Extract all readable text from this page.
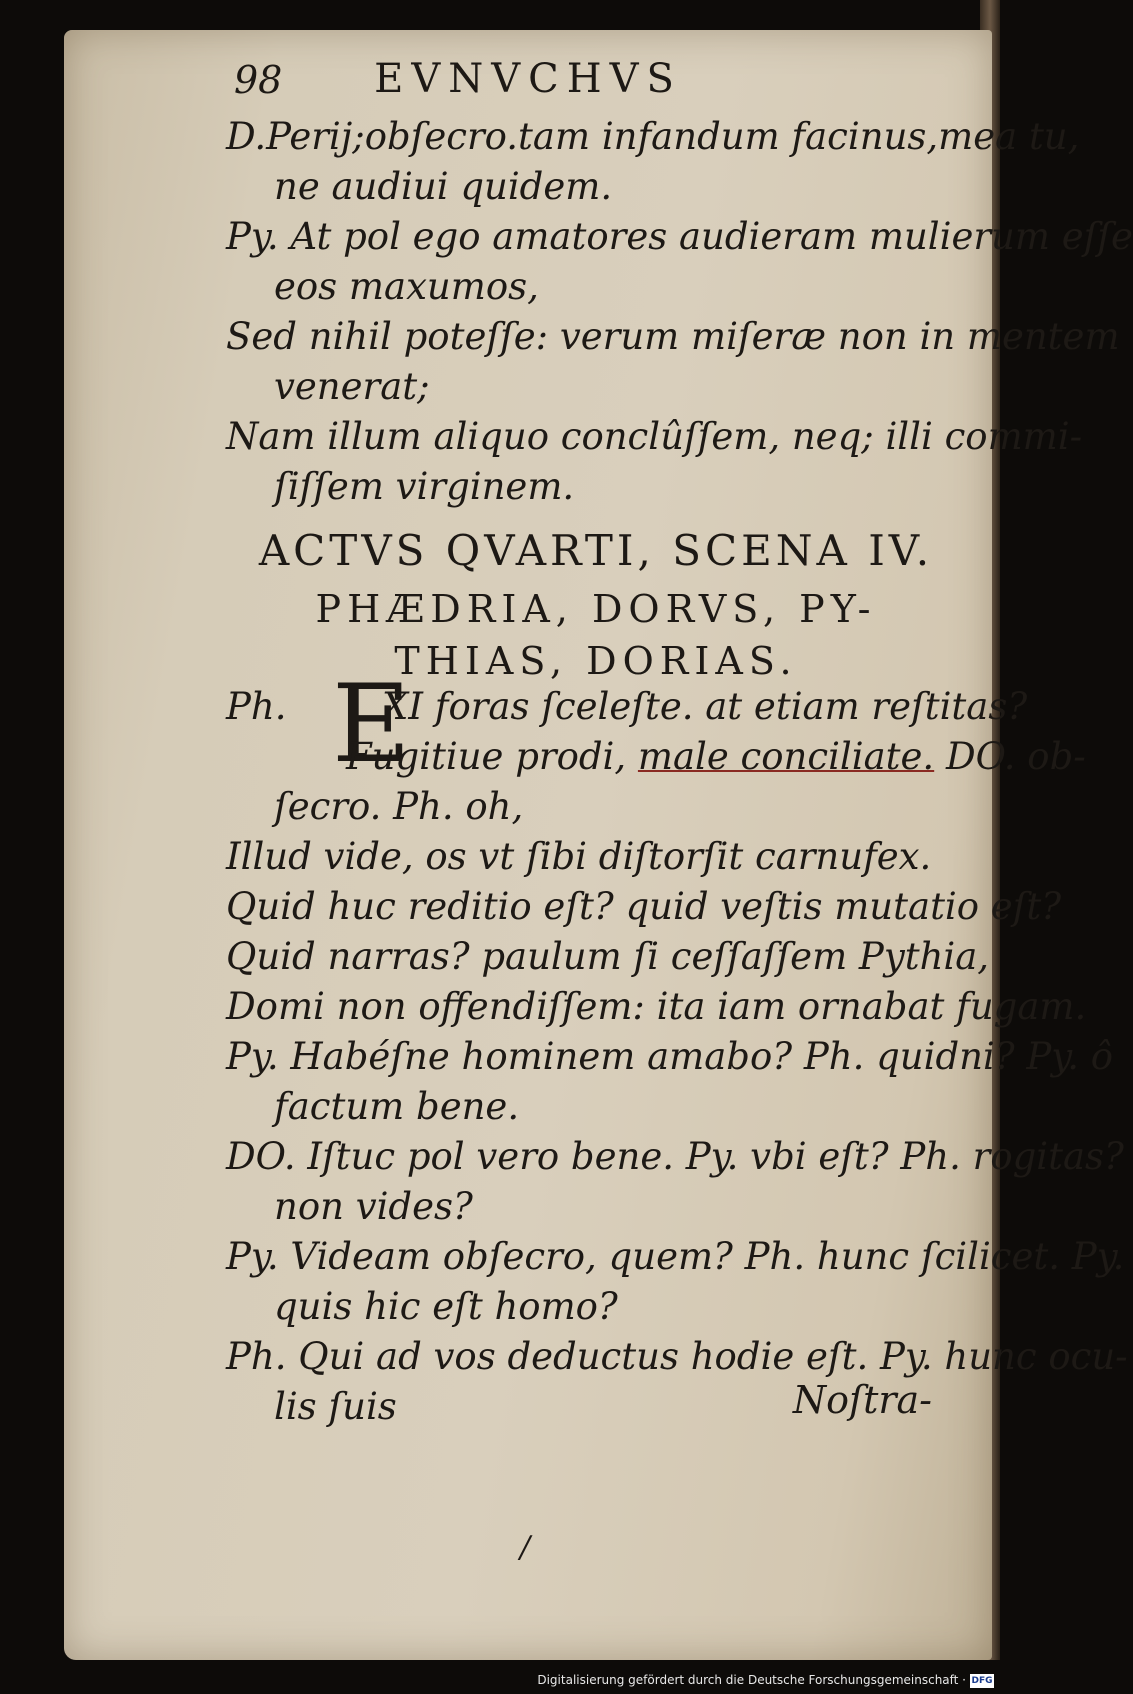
98	EVNVCHVS
D.Perij;obſecro.tam infandum facinus,mea tu,
ne audiui quidem.
Py. At pol ego amatores audieram mulierum eſſe
eos maxumos,
Sed nihil poteſſe: verum miſeræ non in mentem
venerat;
Nam illum aliquo conclûſſem, neq; illi commi-
ſiſſem virginem.
ACTVS QVARTI, SCENA IV.
PHÆDRIA, DORVS, PY-
THIAS, DORIAS.
E
Ph.	XI foras ſceleſte. at etiam reſtitas?
Fugitiue prodi, male conciliate. DO. ob-
ſecro. Ph. oh,
Illud vide, os vt ſibi diſtorſit carnufex.
Quid huc reditio eſt? quid veſtis mutatio eſt?
Quid narras? paulum ſi ceſſaſſem Pythia,
Domi non offendiſſem: ita iam ornabat fugam.
Py. Habéſne hominem amabo? Ph. quidni? Py. ô
factum bene.
DO. Iſtuc pol vero bene. Py. vbi eſt? Ph. rogitas?
non vides?
Py. Videam obſecro, quem? Ph. hunc ſcilicet. Py.
quis hic eſt homo?
Ph. Qui ad vos deductus hodie eſt. Py. hunc ocu-
lis ſuis	Noſtra-
/
Digitalisierung gefördert durch die Deutsche Forschungsgemeinschaft · DFG
